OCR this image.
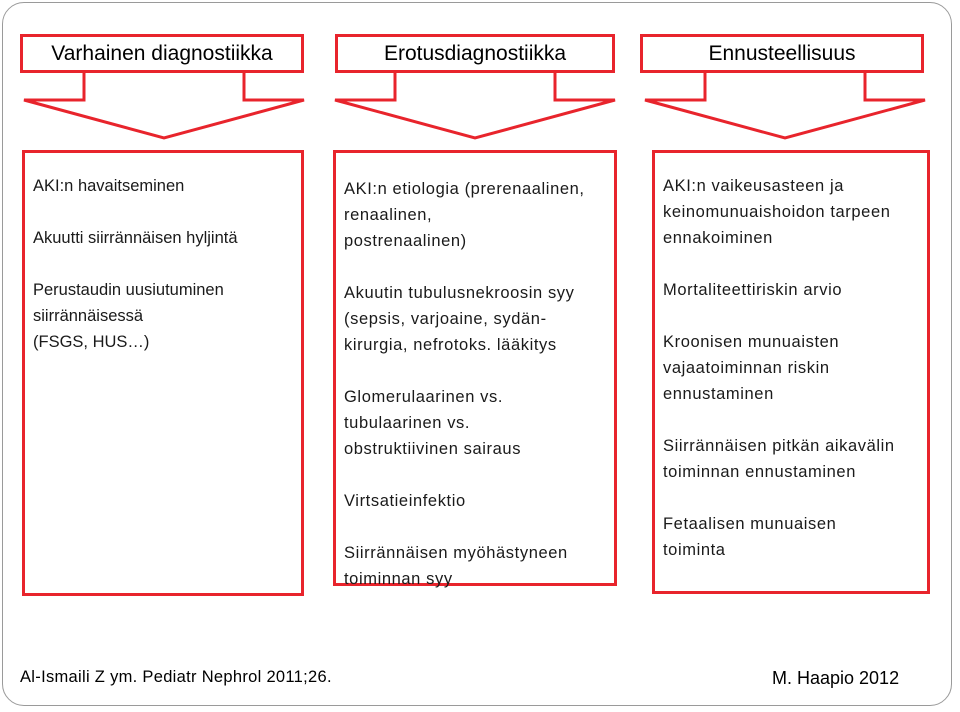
Varhainen diagnostiikka	Erotusdiagnostiikka	Ennusteellisuus
AKI:n havaitseminen
Akuutti siirrännäisen hyljintä
Perustaudin uusiutuminen
siirrännäisessä
(FSGS, HUS…)
AKI:n etiologia (prerenaalinen,
renaalinen,
postrenaalinen)
Akuutin tubulusnekroosin syy
(sepsis, varjoaine, sydän-
kirurgia, nefrotoks. lääkitys
Glomerulaarinen vs.
tubulaarinen vs.
obstruktiivinen sairaus
Virtsatieinfektio
Siirrännäisen myöhästyneen
toiminnan syy
AKI:n vaikeusasteen ja
keinomunuaishoidon tarpeen
ennakoiminen
Mortaliteettiriskin arvio
Kroonisen munuaisten
vajaatoiminnan riskin
ennustaminen
Siirrännäisen pitkän aikavälin
toiminnan ennustaminen
Fetaalisen munuaisen
toiminta
Al-Ismaili Z ym. Pediatr Nephrol 2011;26.	M. Haapio 2012
